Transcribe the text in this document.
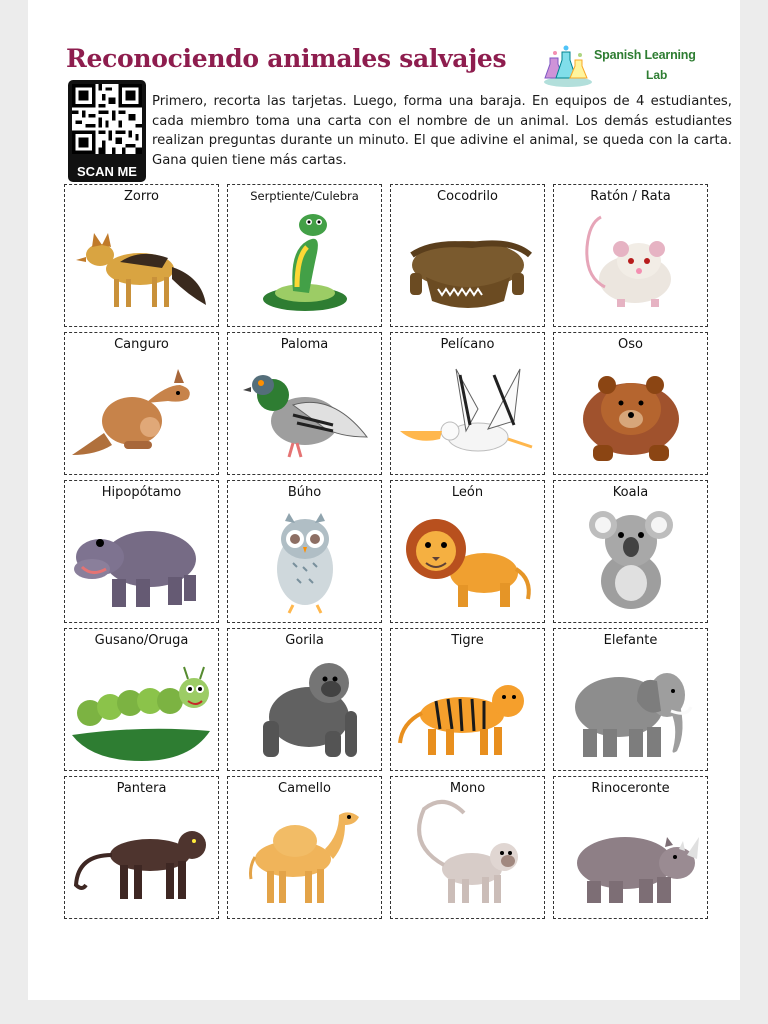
Reconociendo animales salvajes	Spanish Learning
Lab
SCAN ME
Primero, recorta las tarjetas. Luego, forma una baraja. En equipos de 4 estudiantes, cada miembro toma una carta con el nombre de un animal. Los demás estudiantes realizan preguntas durante un minuto. El que adivine el animal, se queda con la carta. Gana quien tiene más cartas.
Zorro	Serptiente/Culebra	Cocodrilo	Ratón / Rata
Canguro	Paloma	Pelícano	Oso
Hipopótamo	Búho	León	Koala
Gusano/Oruga	Gorila	Tigre	Elefante
Pantera	Camello	Mono	Rinoceronte
